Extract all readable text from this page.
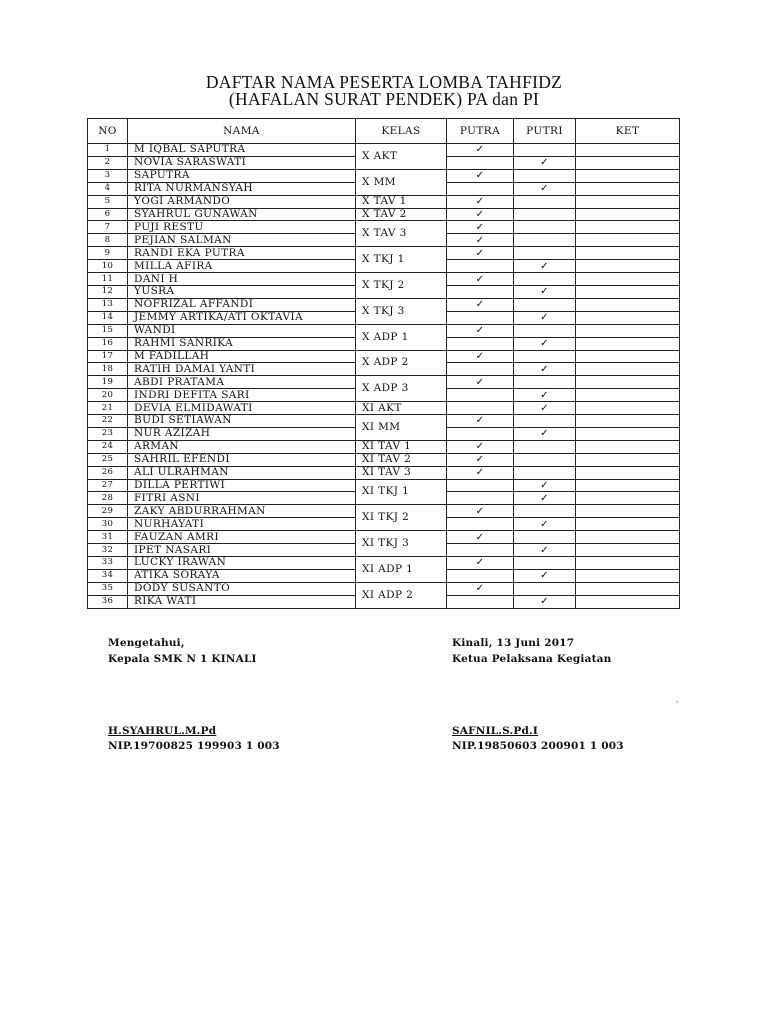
DAFTAR NAMA PESERTA LOMBA TAHFIDZ
(HAFALAN SURAT PENDEK) PA dan PI
NO	NAMA	KELAS	PUTRA	PUTRI	KET
1	M IQBAL SAPUTRA	X AKT	✓		
2	NOVIA SARASWATI			✓	
3	SAPUTRA	X MM	✓		
4	RITA NURMANSYAH			✓	
5	YOGI ARMANDO	X TAV 1	✓		
6	SYAHRUL GUNAWAN	X TAV 2	✓		
7	PUJI RESTU	X TAV 3	✓		
8	PEJIAN SALMAN		✓		
9	RANDI EKA PUTRA	X TKJ 1	✓		
10	MILLA AFIRA			✓	
11	DANI H	X TKJ 2	✓		
12	YUSRA			✓	
13	NOFRIZAL AFFANDI	X TKJ 3	✓		
14	JEMMY ARTIKA/ATI OKTAVIA			✓	
15	WANDI	X ADP 1	✓		
16	RAHMI SANRIKA			✓	
17	M FADILLAH	X ADP 2	✓		
18	RATIH DAMAI YANTI			✓	
19	ABDI PRATAMA	X ADP 3	✓		
20	INDRI DEFITA SARI			✓	
21	DEVIA ELMIDAWATI	XI AKT		✓	
22	BUDI SETIAWAN	XI MM	✓		
23	NUR AZIZAH			✓	
24	ARMAN	XI TAV 1	✓		
25	SAHRIL EFENDI	XI TAV 2	✓		
26	ALI ULRAHMAN	XI TAV 3	✓		
27	DILLA PERTIWI	XI TKJ 1		✓	
28	FITRI ASNI			✓	
29	ZAKY ABDURRAHMAN	XI TKJ 2	✓		
30	NURHAYATI			✓	
31	FAUZAN AMRI	XI TKJ 3	✓		
32	IPET NASARI			✓	
33	LUCKY IRAWAN	XI ADP 1	✓		
34	ATIKA SORAYA			✓	
35	DODY SUSANTO	XI ADP 2	✓		
36	RIKA WATI			✓	
Mengetahui,
Kepala SMK N 1 KINALI
H.SYAHRUL.M.Pd
NIP.19700825 199903 1 003
Kinali, 13 Juni 2017
Ketua Pelaksana Kegiatan
SAFNIL.S.Pd.I
NIP.19850603 200901 1 003
,
